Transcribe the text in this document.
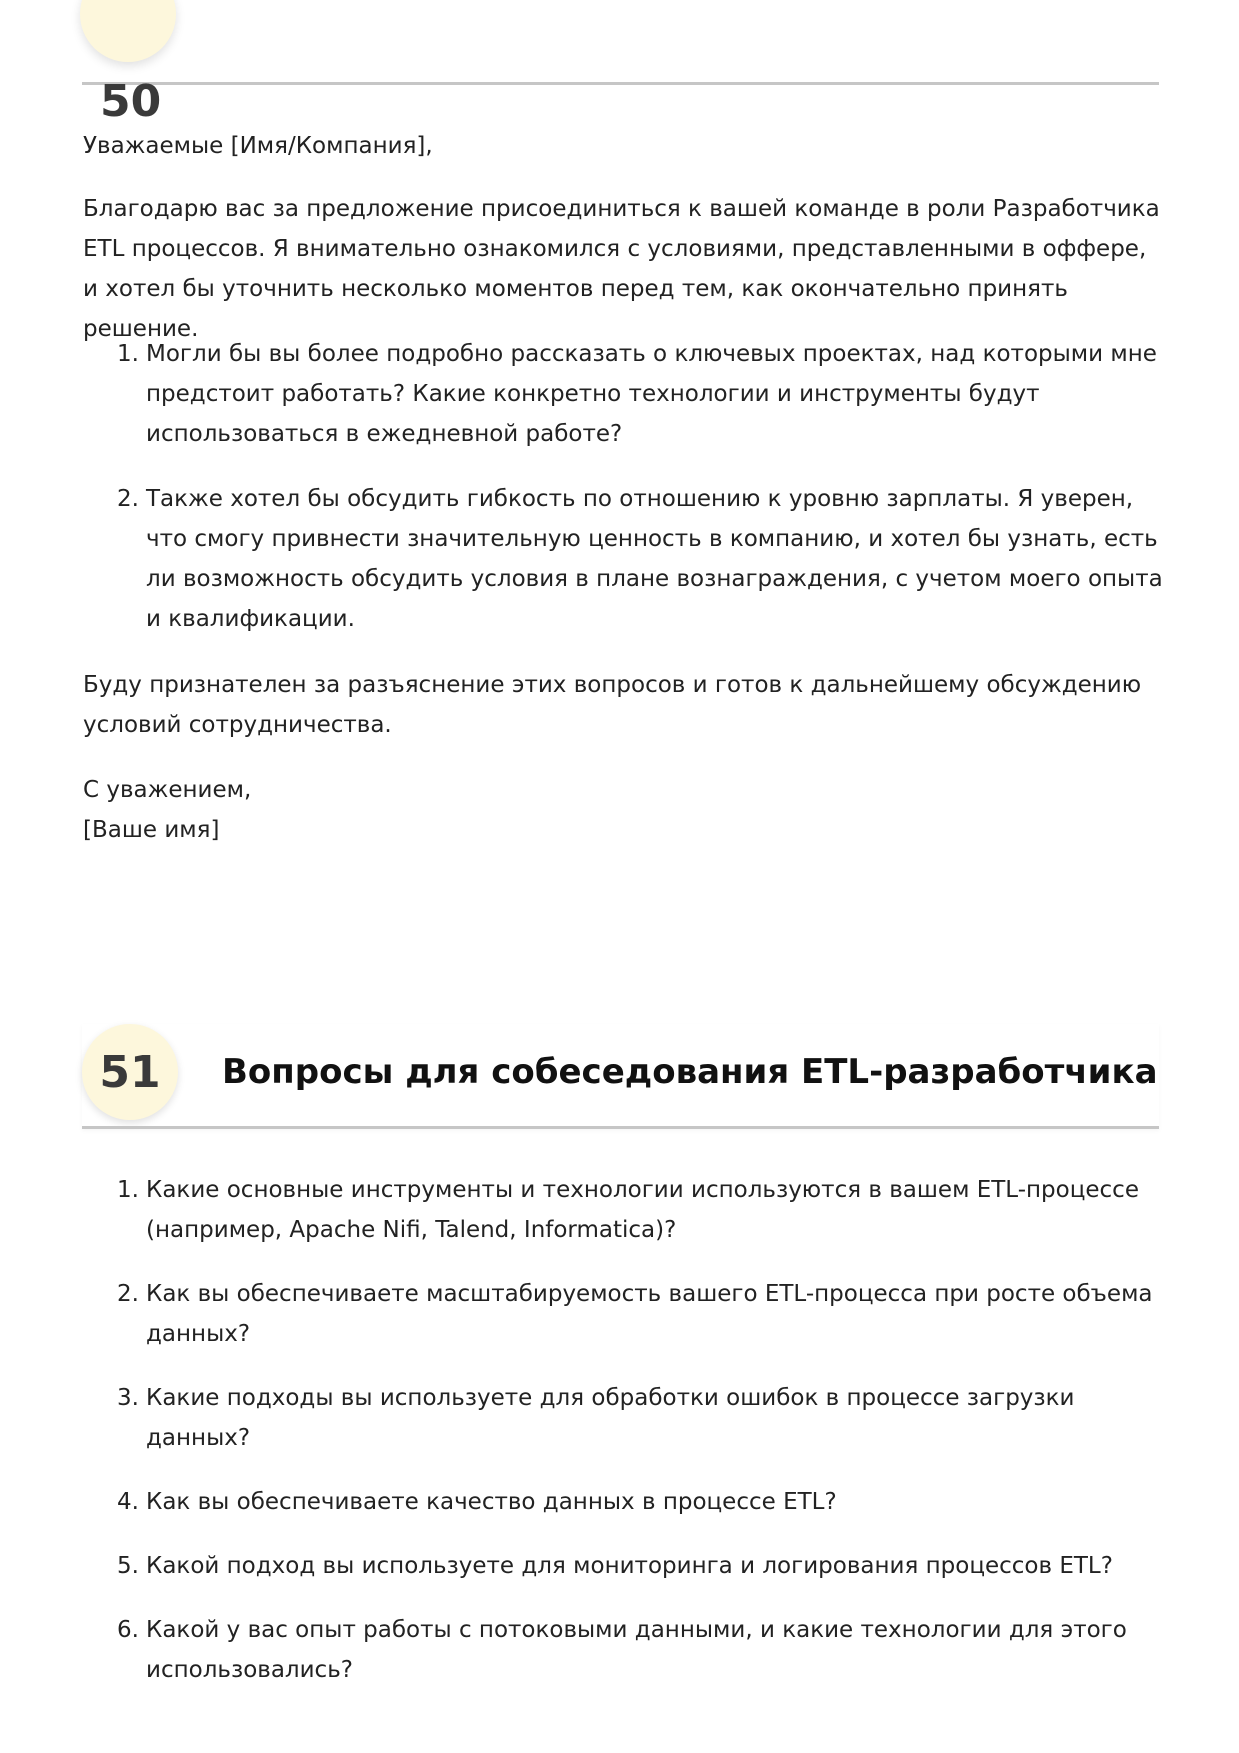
50
Уважаемые [Имя/Компания],
Благодарю вас за предложение присоединиться к вашей команде в роли Разработчика ETL процессов. Я внимательно ознакомился с условиями, представленными в оффере, и хотел бы уточнить несколько моментов перед тем, как окончательно принять решение.
1. Могли бы вы более подробно рассказать о ключевых проектах, над которыми мне предстоит работать? Какие конкретно технологии и инструменты будут использоваться в ежедневной работе?
2. Также хотел бы обсудить гибкость по отношению к уровню зарплаты. Я уверен, что смогу привнести значительную ценность в компанию, и хотел бы узнать, есть ли возможность обсудить условия в плане вознаграждения, с учетом моего опыта и квалификации.
Буду признателен за разъяснение этих вопросов и готов к дальнейшему обсуждению условий сотрудничества.
С уважением,
[Ваше имя]
51	Вопросы для собеседования ETL-разработчика
1. Какие основные инструменты и технологии используются в вашем ETL-процессе (например, Apache Nifi, Talend, Informatica)?
2. Как вы обеспечиваете масштабируемость вашего ETL-процесса при росте объема данных?
3. Какие подходы вы используете для обработки ошибок в процессе загрузки данных?
4. Как вы обеспечиваете качество данных в процессе ETL?
5. Какой подход вы используете для мониторинга и логирования процессов ETL?
6. Какой у вас опыт работы с потоковыми данными, и какие технологии для этого использовались?
